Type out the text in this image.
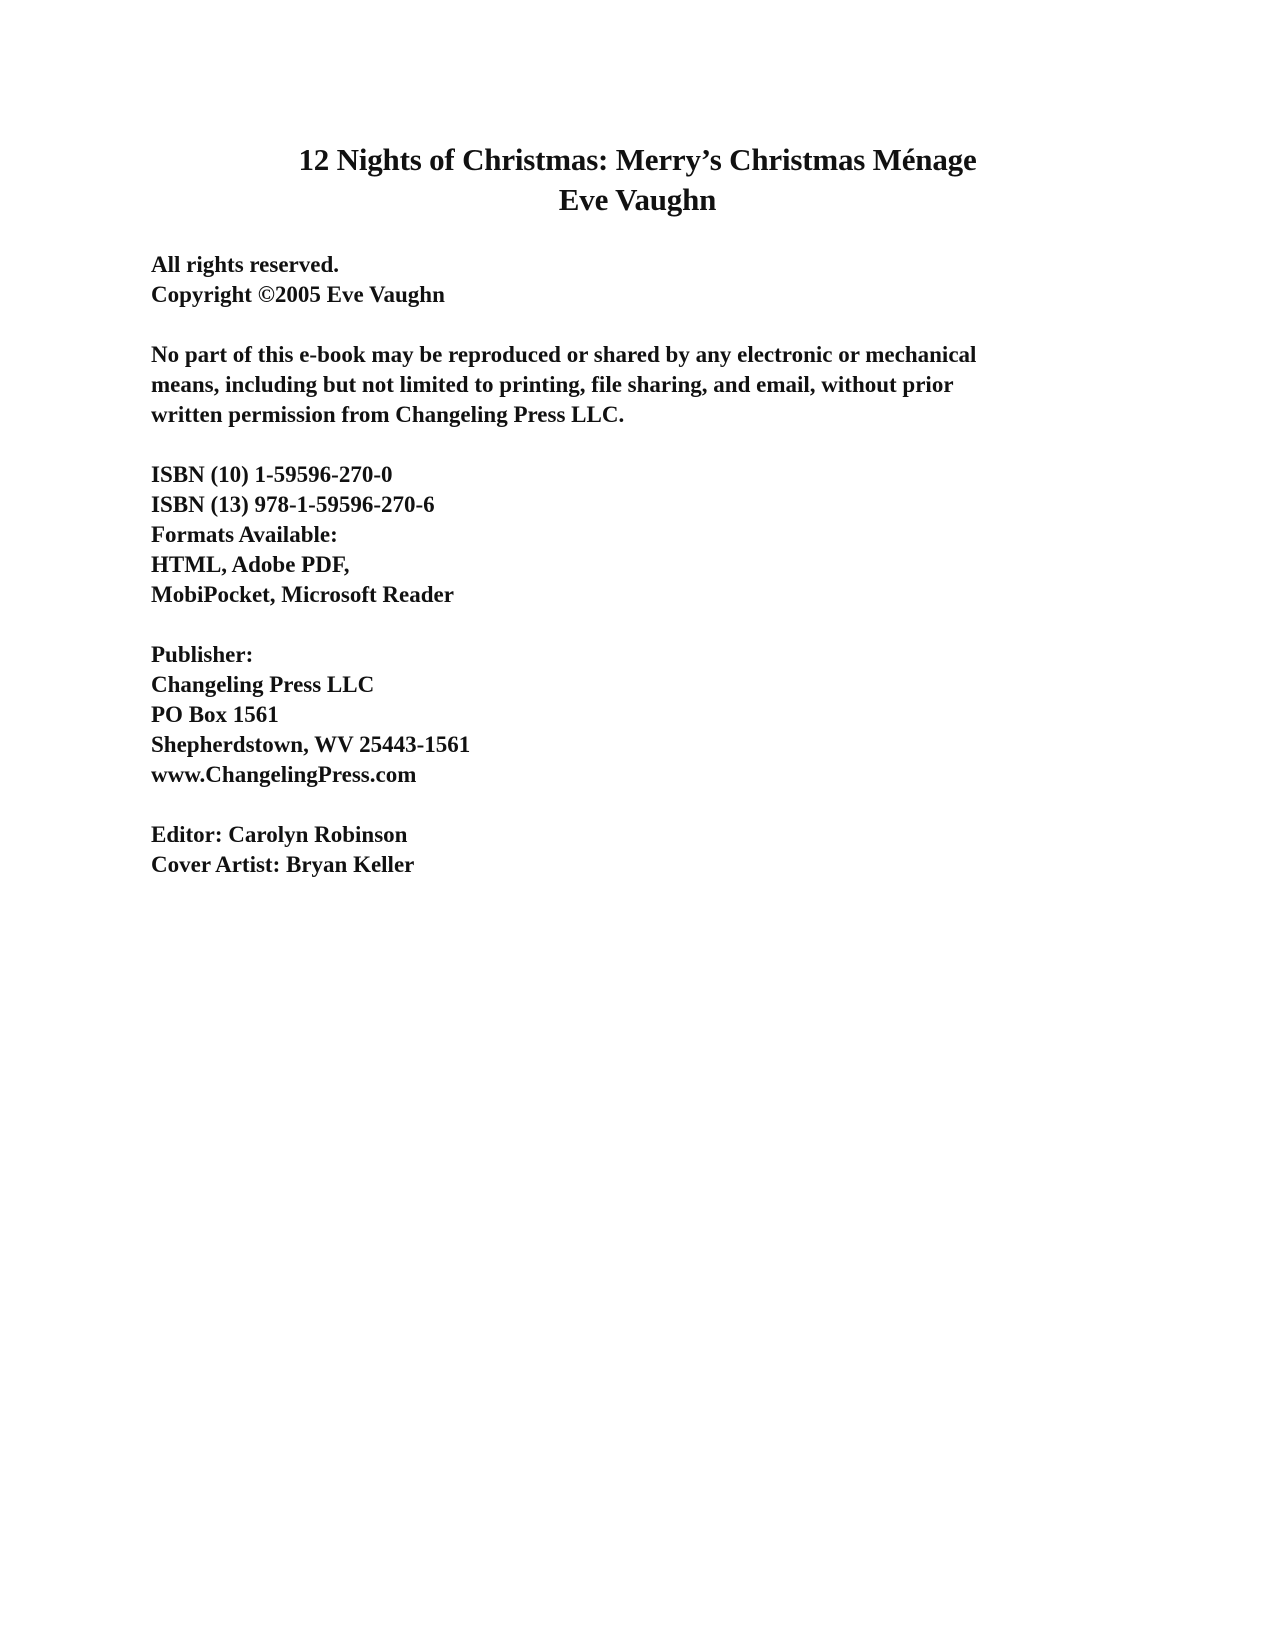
12 Nights of Christmas: Merry’s Christmas Ménage
Eve Vaughn
All rights reserved.
Copyright ©2005 Eve Vaughn
No part of this e-book may be reproduced or shared by any electronic or mechanical
means, including but not limited to printing, file sharing, and email, without prior
written permission from Changeling Press LLC.
ISBN (10) 1-59596-270-0
ISBN (13) 978-1-59596-270-6
Formats Available:
HTML, Adobe PDF,
MobiPocket, Microsoft Reader
Publisher:
Changeling Press LLC
PO Box 1561
Shepherdstown, WV 25443-1561
www.ChangelingPress.com
Editor: Carolyn Robinson
Cover Artist: Bryan Keller
